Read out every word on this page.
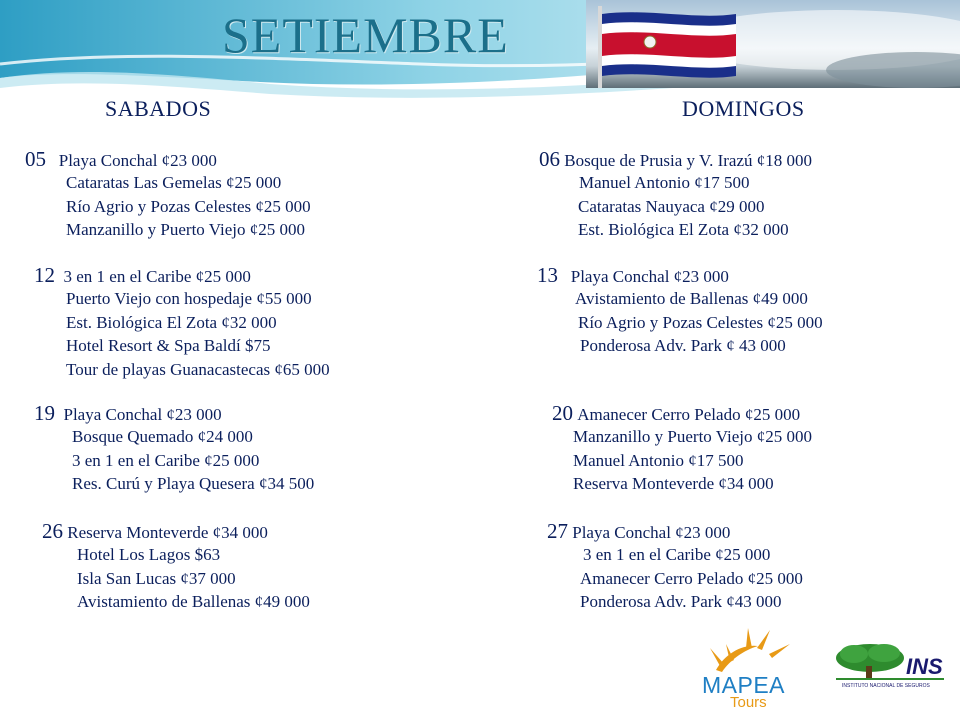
SETIEMBRE
SABADOS	DOMINGOS
05 Playa Conchal ¢23 000
Cataratas Las Gemelas ¢25 000
Río Agrio y Pozas Celestes ¢25 000
Manzanillo y Puerto Viejo ¢25 000
12 3 en 1 en el Caribe ¢25 000
Puerto Viejo con hospedaje ¢55 000
Est. Biológica El Zota ¢32 000
Hotel Resort & Spa Baldí $75
Tour de playas Guanacastecas ¢65 000
19 Playa Conchal ¢23 000
Bosque Quemado ¢24 000
3 en 1 en el Caribe ¢25 000
Res. Curú y Playa Quesera ¢34 500
26 Reserva Monteverde ¢34 000
Hotel Los Lagos $63
Isla San Lucas ¢37 000
Avistamiento de Ballenas ¢49 000
06 Bosque de Prusia y V. Irazú ¢18 000
Manuel Antonio ¢17 500
Cataratas Nauyaca ¢29 000
Est. Biológica El Zota ¢32 000
13 Playa Conchal ¢23 000
Avistamiento de Ballenas ¢49 000
Río Agrio y Pozas Celestes ¢25 000
Ponderosa Adv. Park ¢ 43 000
20 Amanecer Cerro Pelado ¢25 000
Manzanillo y Puerto Viejo ¢25 000
Manuel Antonio ¢17 500
Reserva Monteverde ¢34 000
27 Playa Conchal ¢23 000
3 en 1 en el Caribe ¢25 000
Amanecer Cerro Pelado ¢25 000
Ponderosa Adv. Park ¢43 000
MAPEA
Tours
INS
INSTITUTO NACIONAL DE SEGUROS
